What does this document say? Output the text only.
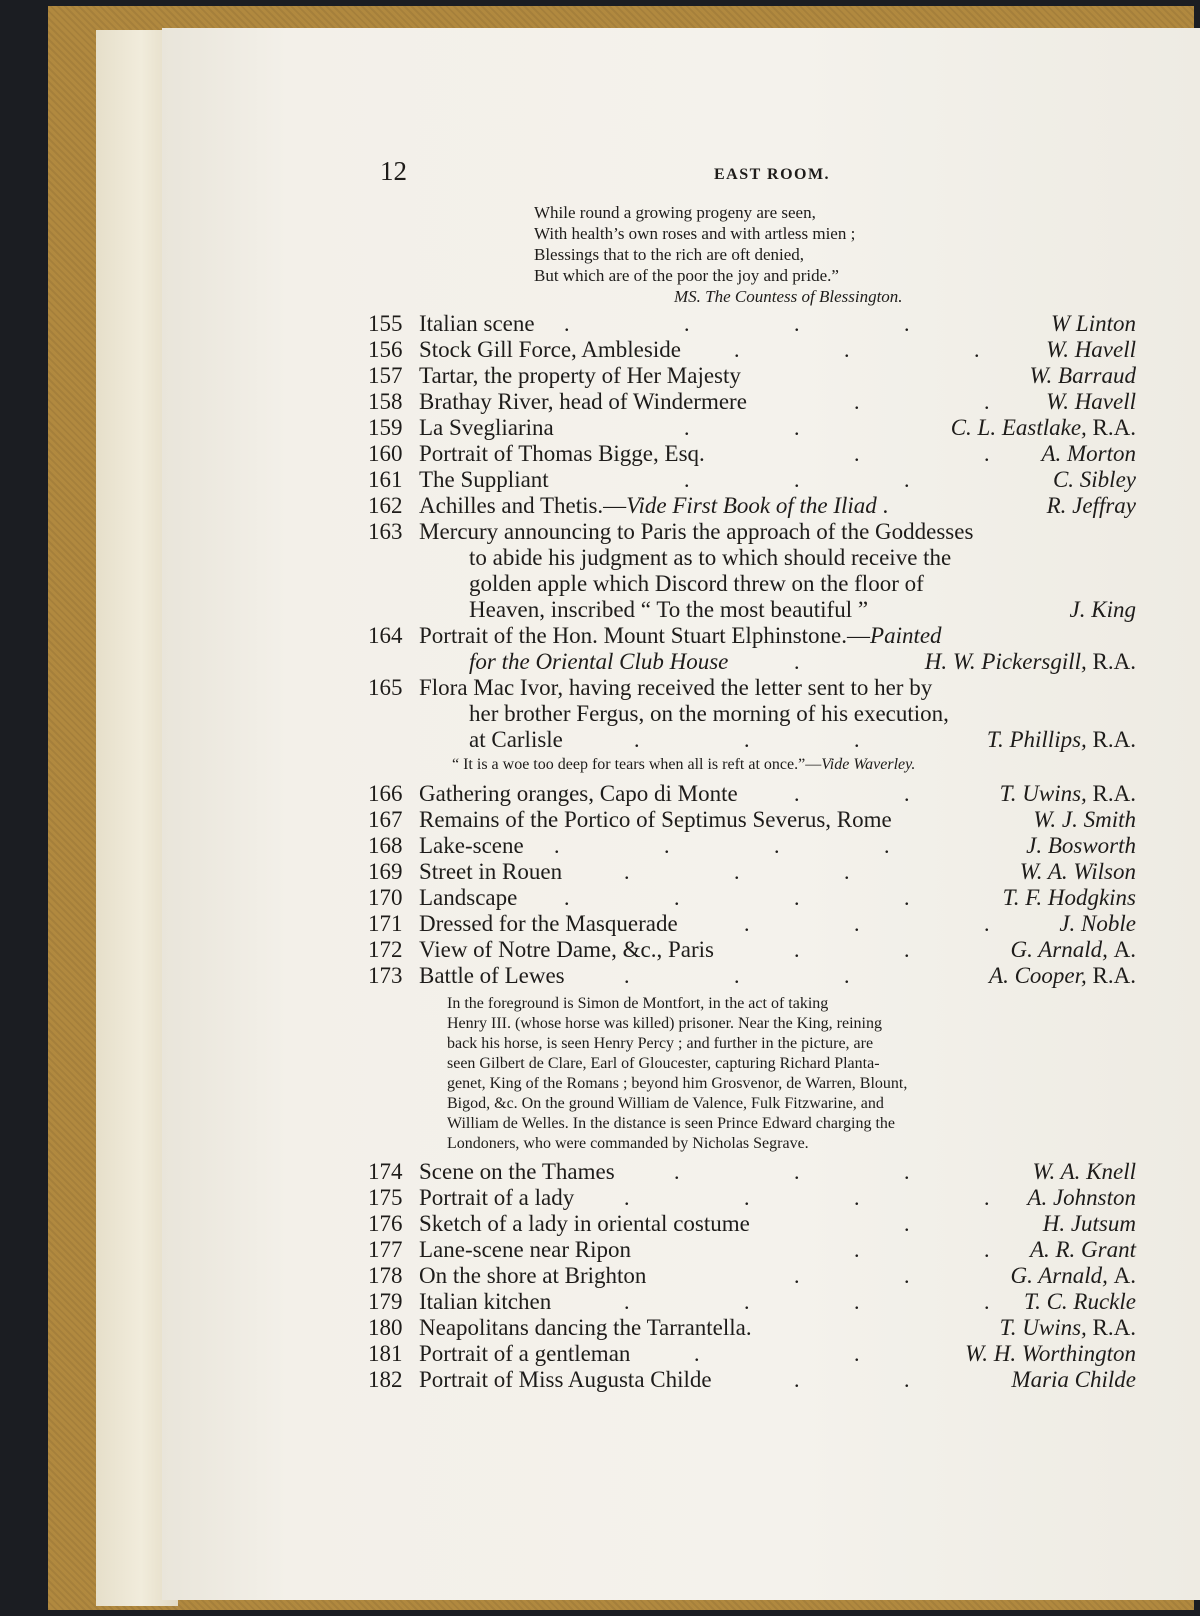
12	EAST ROOM.
While round a growing progeny are seen,
With health’s own roses and with artless mien ;
Blessings that to the rich are oft denied,
But which are of the poor the joy and pride.”
MS. The Countess of Blessington.
155 Italian scene .	.	.	.	W Linton
156 Stock Gill Force, Ambleside .	.	.	W. Havell
157 Tartar, the property of Her Majesty	W. Barraud
158 Brathay River, head of Windermere	.	. W. Havell
159 La Svegliarina	.	.	C. L. Eastlake, R.A.
160 Portrait of Thomas Bigge, Esq.	.	. A. Morton
161 The Suppliant	.	.	.	C. Sibley
162 Achilles and Thetis.—Vide First Book of the Iliad .	R. Jeffray
163 Mercury announcing to Paris the approach of the Goddesses
to abide his judgment as to which should receive the
golden apple which Discord threw on the floor of
Heaven, inscribed “ To the most beautiful ”	J. King
164 Portrait of the Hon. Mount Stuart Elphinstone.—Painted
for the Oriental Club House	.	H. W. Pickersgill, R.A.
165 Flora Mac Ivor, having received the letter sent to her by
her brother Fergus, on the morning of his execution,
at Carlisle	.	.	.	T. Phillips, R.A.
“ It is a woe too deep for tears when all is reft at once.”—Vide Waverley.
166 Gathering oranges, Capo di Monte	.	.	T. Uwins, R.A.
167 Remains of the Portico of Septimus Severus, Rome	W. J. Smith
168 Lake-scene .	.	.	.	J. Bosworth
169 Street in Rouen	.	.	.	W. A. Wilson
170 Landscape .	.	.	.	T. F. Hodgkins
171 Dressed for the Masquerade	.	.	.	J. Noble
172 View of Notre Dame, &c., Paris	.	.	G. Arnald, A.
173 Battle of Lewes	.	.	.	A. Cooper, R.A.
In the foreground is Simon de Montfort, in the act of taking
Henry III. (whose horse was killed) prisoner. Near the King, reining
back his horse, is seen Henry Percy ; and further in the picture, are
seen Gilbert de Clare, Earl of Gloucester, capturing Richard Planta-
genet, King of the Romans ; beyond him Grosvenor, de Warren, Blount,
Bigod, &c. On the ground William de Valence, Fulk Fitzwarine, and
William de Welles. In the distance is seen Prince Edward charging the
Londoners, who were commanded by Nicholas Segrave.
174 Scene on the Thames	.	.	.	W. A. Knell
175 Portrait of a lady .	.	.	. A. Johnston
176 Sketch of a lady in oriental costume	.	H. Jutsum
177 Lane-scene near Ripon	.	. A. R. Grant
178 On the shore at Brighton	.	.	G. Arnald, A.
179 Italian kitchen	.	.	.	. T. C. Ruckle
180 Neapolitans dancing the Tarrantella.	T. Uwins, R.A.
181 Portrait of a gentleman	.	.	W. H. Worthington
182 Portrait of Miss Augusta Childe	.	.	Maria Childe
